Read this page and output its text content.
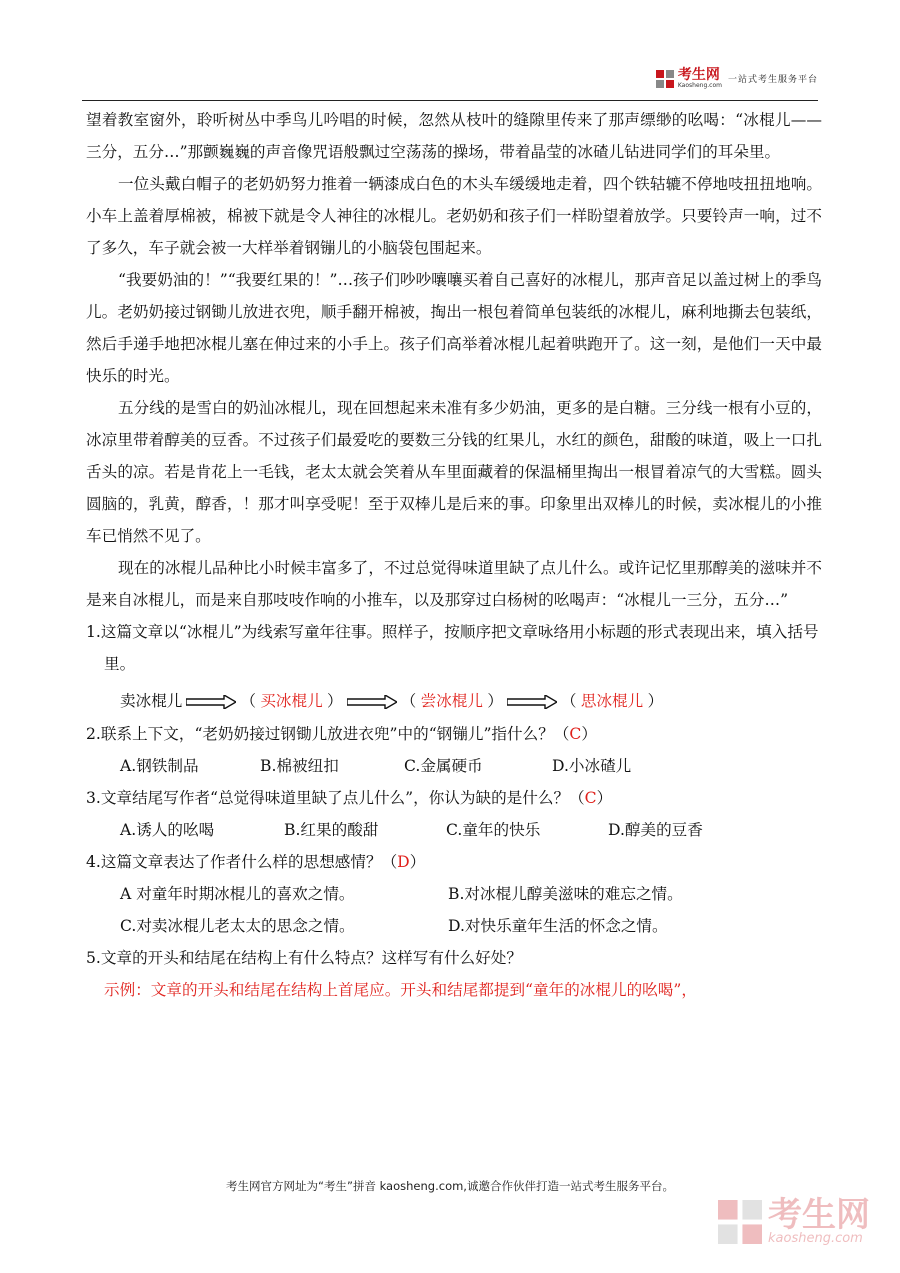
考生网
Kaosheng.com
一站式考生服务平台

望着教室窗外，聆听树丛中季鸟儿吟唱的时候，忽然从枝叶的缝隙里传来了那声缥缈的吆喝：“冰棍儿——三分，五分…”那颤巍巍的声音像咒语般飘过空荡荡的操场，带着晶莹的冰碴儿钻进同学们的耳朵里。

一位头戴白帽子的老奶奶努力推着一辆漆成白色的木头车缓缓地走着，四个铁轱辘不停地吱扭扭地响。小车上盖着厚棉被，棉被下就是令人神往的冰棍儿。老奶奶和孩子们一样盼望着放学。只要铃声一响，过不了多久，车子就会被一大样举着钢镚儿的小脑袋包围起来。

“我要奶油的！”“我要红果的！”…孩子们吵吵嚷嚷买着自己喜好的冰棍儿，那声音足以盖过树上的季鸟儿。老奶奶接过钢锄儿放进衣兜，顺手翻开棉被，掏出一根包着简单包装纸的冰棍儿，麻利地撕去包装纸，然后手递手地把冰棍儿塞在伸过来的小手上。孩子们高举着冰棍儿起着哄跑开了。这一刻，是他们一天中最快乐的时光。

五分线的是雪白的奶汕冰棍儿，现在回想起来未准有多少奶油，更多的是白糖。三分线一根有小豆的，冰凉里带着醇美的豆香。不过孩子们最爱吃的要数三分钱的红果儿，水红的颜色，甜酸的味道，吸上一口扎舌头的凉。若是肯花上一毛钱，老太太就会笑着从车里面藏着的保温桶里掏出一根冒着凉气的大雪糕。圆头圆脑的，乳黄，醇香，！那才叫享受呢！至于双棒儿是后来的事。印象里出双棒儿的时候，卖冰棍儿的小推车已悄然不见了。

现在的冰棍儿品种比小时候丰富多了，不过总觉得味道里缺了点儿什么。或许记忆里那醇美的滋味并不是来自冰棍儿，而是来自那吱吱作响的小推车，以及那穿过白杨树的吆喝声：“冰棍儿一三分，五分…”

1.这篇文章以“冰棍儿”为线索写童年往事。照样子，按顺序把文章咏络用小标题的形式表现出来，填入括号里。

卖冰棍儿	（ 买冰棍儿 ）	（ 尝冰棍儿 ）	（ 思冰棍儿 ）

2.联系上下文，“老奶奶接过钢锄儿放进衣兜”中的“钢镚儿”指什么？（C）

A.钢铁制品	B.棉被纽扣	C.金属硬币	D.小冰碴儿

3.文章结尾写作者“总觉得味道里缺了点儿什么”，你认为缺的是什么？（C）

A.诱人的吆喝	B.红果的酸甜	C.童年的快乐	D.醇美的豆香

4.这篇文章表达了作者什么样的思想感情？（D）

A 对童年时期冰棍儿的喜欢之情。	B.对冰棍儿醇美滋味的难忘之情。
C.对卖冰棍儿老太太的思念之情。	D.对快乐童年生活的怀念之情。

5.文章的开头和结尾在结构上有什么特点？这样写有什么好处？

示例：文章的开头和结尾在结构上首尾应。开头和结尾都提到“童年的冰棍儿的吆喝”，

考生网官方网址为“考生”拼音 kaosheng.com,诚邀合作伙伴打造一站式考生服务平台。
考生网
kaosheng.com
